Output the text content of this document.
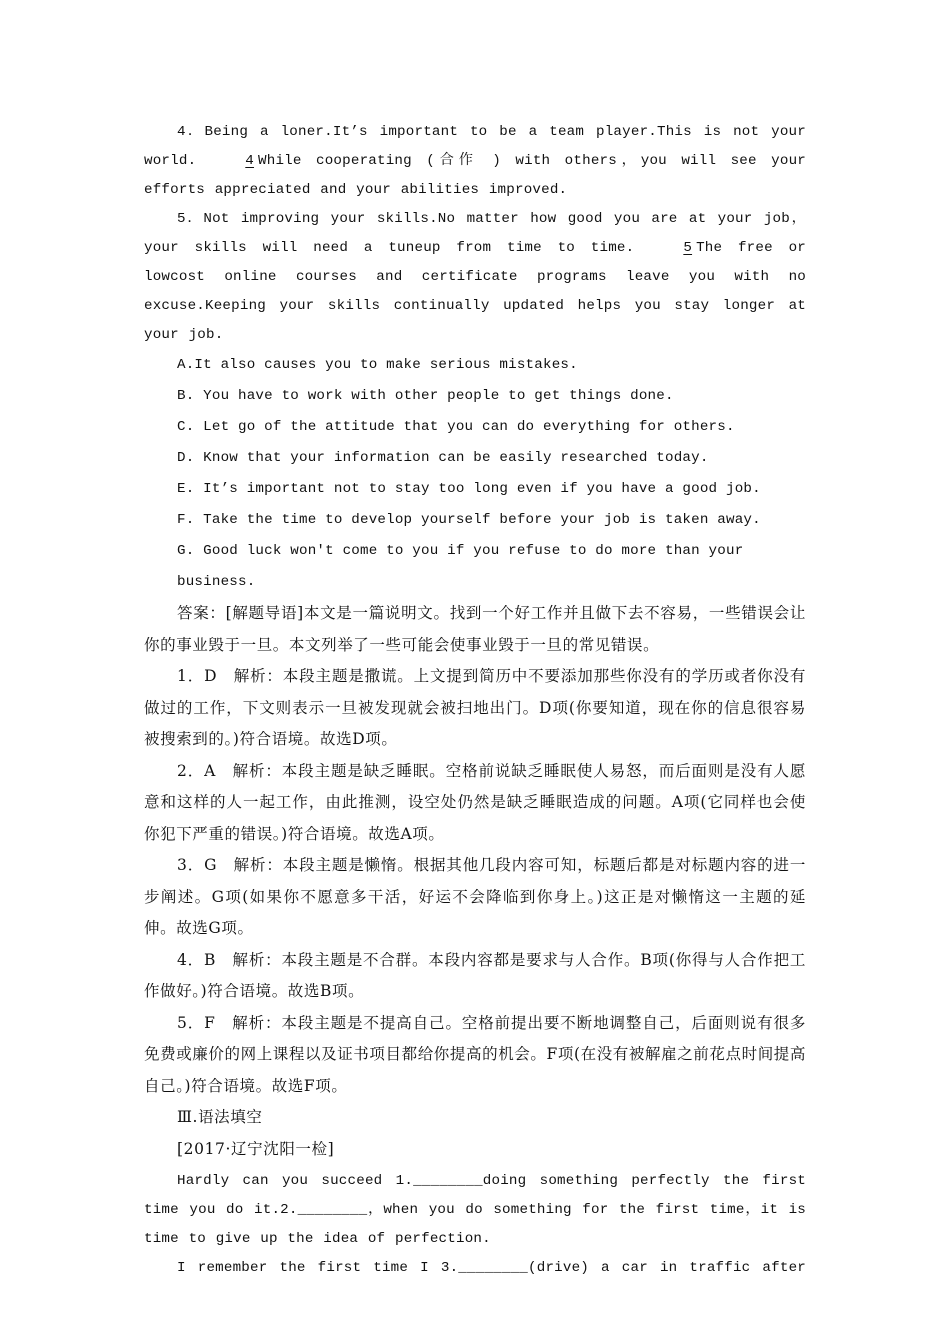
4．Being a loner.It’s important to be a team player.This is not your world.	4 While cooperating (合作 ) with others，you will see your efforts appreciated and your abilities improved.

5．Not improving your skills.No matter how good you are at your job，your skills will need a tuneup from time to time.	5 The free or lowcost online courses and certificate programs leave you with no excuse.Keeping your skills continually updated helps you stay longer at your job.

A.It also causes you to make serious mistakes.

B. You have to work with other people to get things done.

C. Let go of the attitude that you can do everything for others.

D. Know that your information can be easily researched today.

E. It’s important not to stay too long even if you have a good job.

F. Take the time to develop yourself before your job is taken away.

G. Good luck won't come to you if you refuse to do more than your business.

答案：[解题导语]本文是一篇说明文。找到一个好工作并且做下去不容易，一些错误会让你的事业毁于一旦。本文列举了一些可能会使事业毁于一旦的常见错误。

1．D　解析：本段主题是撒谎。上文提到简历中不要添加那些你没有的学历或者你没有做过的工作，下文则表示一旦被发现就会被扫地出门。D项(你要知道，现在你的信息很容易被搜索到的。)符合语境。故选D项。

2．A　解析：本段主题是缺乏睡眠。空格前说缺乏睡眠使人易怒，而后面则是没有人愿意和这样的人一起工作，由此推测，设空处仍然是缺乏睡眠造成的问题。A项(它同样也会使你犯下严重的错误。)符合语境。故选A项。

3．G　解析：本段主题是懒惰。根据其他几段内容可知，标题后都是对标题内容的进一步阐述。G项(如果你不愿意多干活，好运不会降临到你身上。)这正是对懒惰这一主题的延伸。故选G项。

4．B　解析：本段主题是不合群。本段内容都是要求与人合作。B项(你得与人合作把工作做好。)符合语境。故选B项。

5．F　解析：本段主题是不提高自己。空格前提出要不断地调整自己，后面则说有很多免费或廉价的网上课程以及证书项目都给你提高的机会。F项(在没有被解雇之前花点时间提高自己。)符合语境。故选F项。

Ⅲ.语法填空

[2017·辽宁沈阳一检]

Hardly can you succeed 1.________doing something perfectly the first time you do it.2.________，when you do something for the first time，it is time to give up the idea of perfection.

I remember the first time I 3.________(drive) a car in traffic after
